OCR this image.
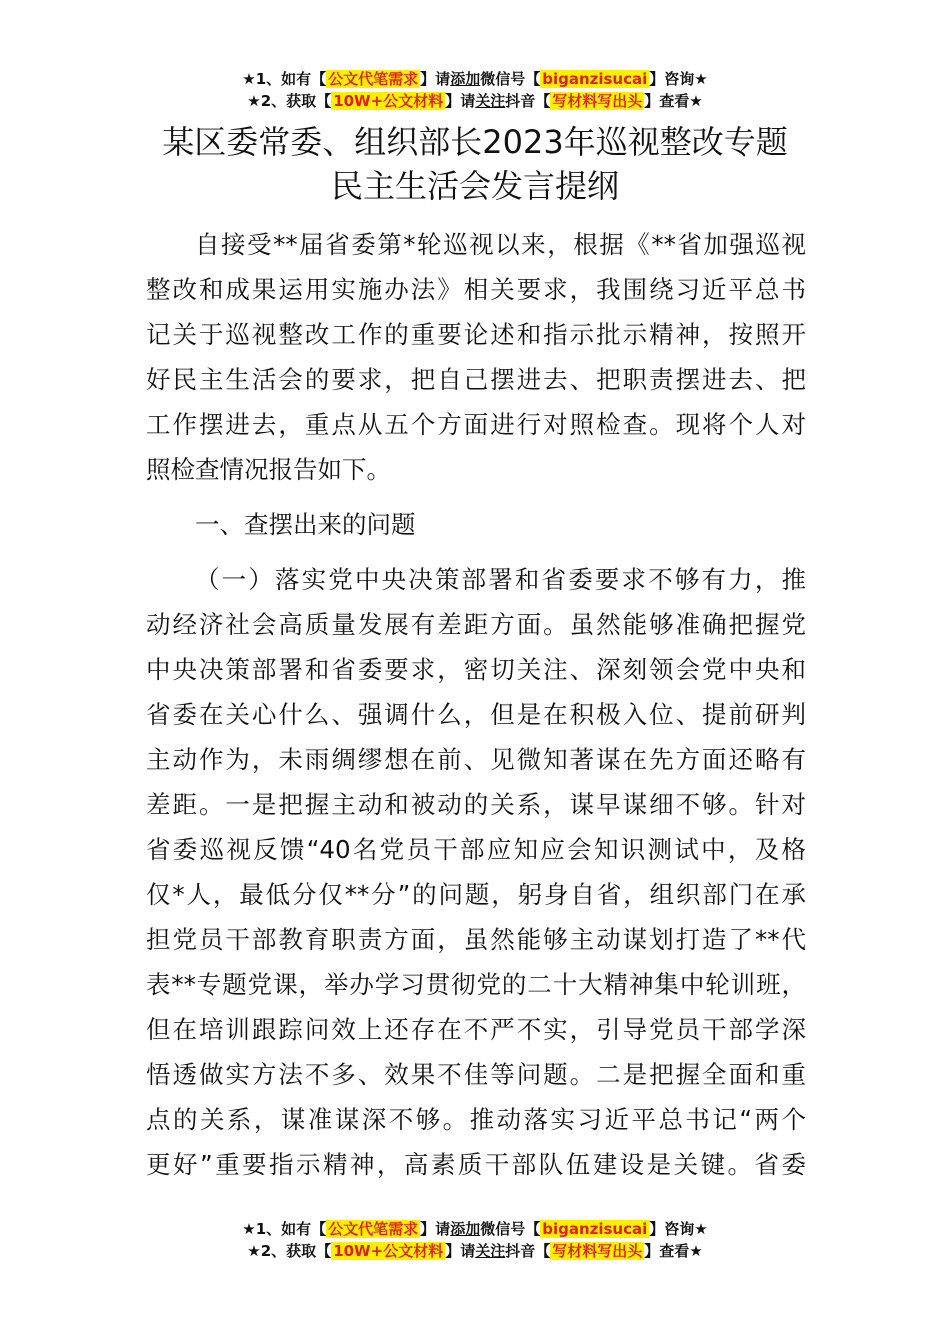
★1、如有【 公文代笔需求 】请添加微信号【 biganzisucai 】咨询★
★2、获取【 10W+公文材料 】请关注抖音【 写材料写出头 】查看★
某区委常委、组织部长2023年巡视整改专题
民主生活会发言提纲
自接受**届省委第*轮巡视以来，根据《**省加强巡视
整改和成果运用实施办法》相关要求，我围绕习近平总书
记关于巡视整改工作的重要论述和指示批示精神，按照开
好民主生活会的要求，把自己摆进去、把职责摆进去、把
工作摆进去，重点从五个方面进行对照检查。现将个人对
照检查情况报告如下。
一、查摆出来的问题
（一）落实党中央决策部署和省委要求不够有力，推
动经济社会高质量发展有差距方面。虽然能够准确把握党
中央决策部署和省委要求，密切关注、深刻领会党中央和
省委在关心什么、强调什么，但是在积极入位、提前研判
主动作为，未雨绸缪想在前、见微知著谋在先方面还略有
差距。一是把握主动和被动的关系，谋早谋细不够。针对
省委巡视反馈“40名党员干部应知应会知识测试中，及格
仅*人，最低分仅**分”的问题，躬身自省，组织部门在承
担党员干部教育职责方面，虽然能够主动谋划打造了**代
表**专题党课，举办学习贯彻党的二十大精神集中轮训班，
但在培训跟踪问效上还存在不严不实，引导党员干部学深
悟透做实方法不多、效果不佳等问题。二是把握全面和重
点的关系，谋准谋深不够。推动落实习近平总书记“两个
更好”重要指示精神，高素质干部队伍建设是关键。省委
★1、如有【 公文代笔需求 】请添加微信号【 biganzisucai 】咨询★
★2、获取【 10W+公文材料 】请关注抖音【 写材料写出头 】查看★
